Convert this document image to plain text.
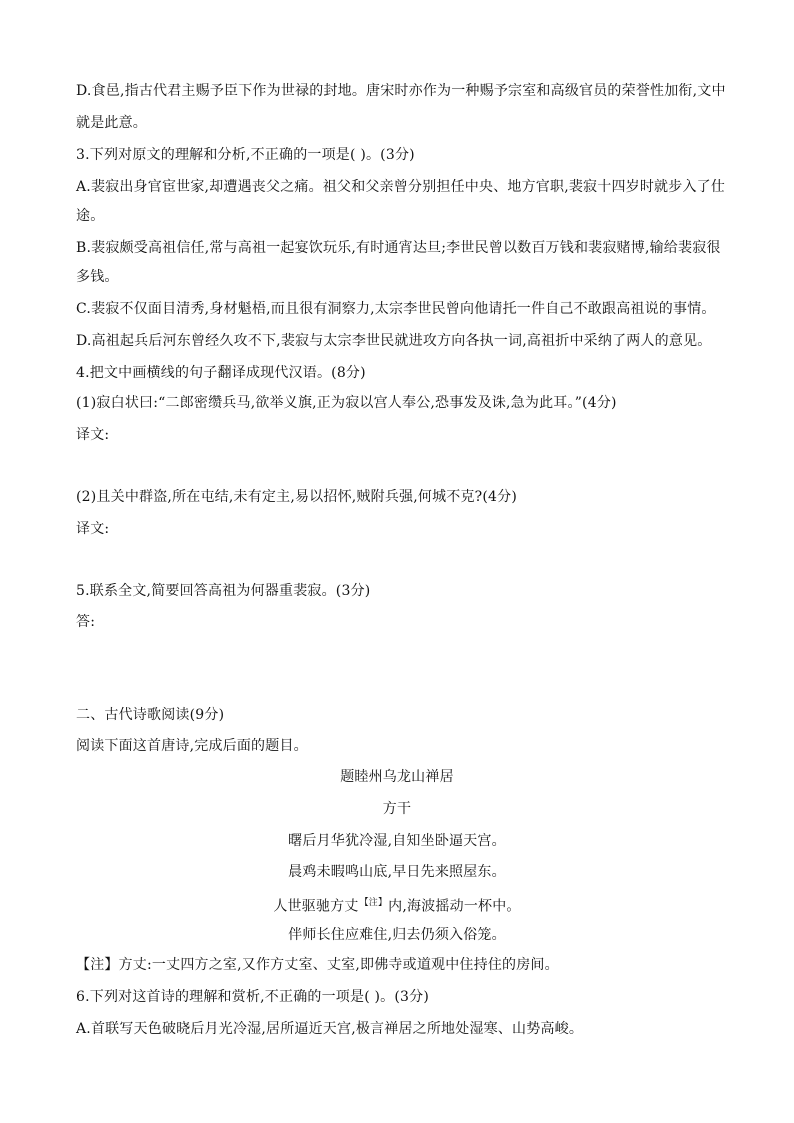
D.食邑,指古代君主赐予臣下作为世禄的封地。唐宋时亦作为一种赐予宗室和高级官员的荣誉性加衔,文中
就是此意。
3.下列对原文的理解和分析,不正确的一项是( )。(3分)
A.裴寂出身官宦世家,却遭遇丧父之痛。祖父和父亲曾分别担任中央、地方官职,裴寂十四岁时就步入了仕
途。
B.裴寂颇受高祖信任,常与高祖一起宴饮玩乐,有时通宵达旦;李世民曾以数百万钱和裴寂赌博,输给裴寂很
多钱。
C.裴寂不仅面目清秀,身材魁梧,而且很有洞察力,太宗李世民曾向他请托一件自己不敢跟高祖说的事情。
D.高祖起兵后河东曾经久攻不下,裴寂与太宗李世民就进攻方向各执一词,高祖折中采纳了两人的意见。
4.把文中画横线的句子翻译成现代汉语。(8分)
(1)寂白状曰:“二郎密缵兵马,欲举义旗,正为寂以宫人奉公,恐事发及诛,急为此耳。”(4分)
译文:
(2)且关中群盗,所在屯结,未有定主,易以招怀,贼附兵强,何城不克?(4分)
译文:
5.联系全文,简要回答高祖为何器重裴寂。(3分)
答:
二、古代诗歌阅读(9分)
阅读下面这首唐诗,完成后面的题目。
题睦州乌龙山禅居
方干
曙后月华犹冷湿,自知坐卧逼天宫。
晨鸡未暇鸣山底,早日先来照屋东。
人世驱驰方丈$^{【注】}$内,海波摇动一杯中。
伴师长住应难住,归去仍须入俗笼。
【注】方丈:一丈四方之室,又作方丈室、丈室,即佛寺或道观中住持住的房间。
6.下列对这首诗的理解和赏析,不正确的一项是( )。(3分)
A.首联写天色破晓后月光冷湿,居所逼近天宫,极言禅居之所地处湿寒、山势高峻。
